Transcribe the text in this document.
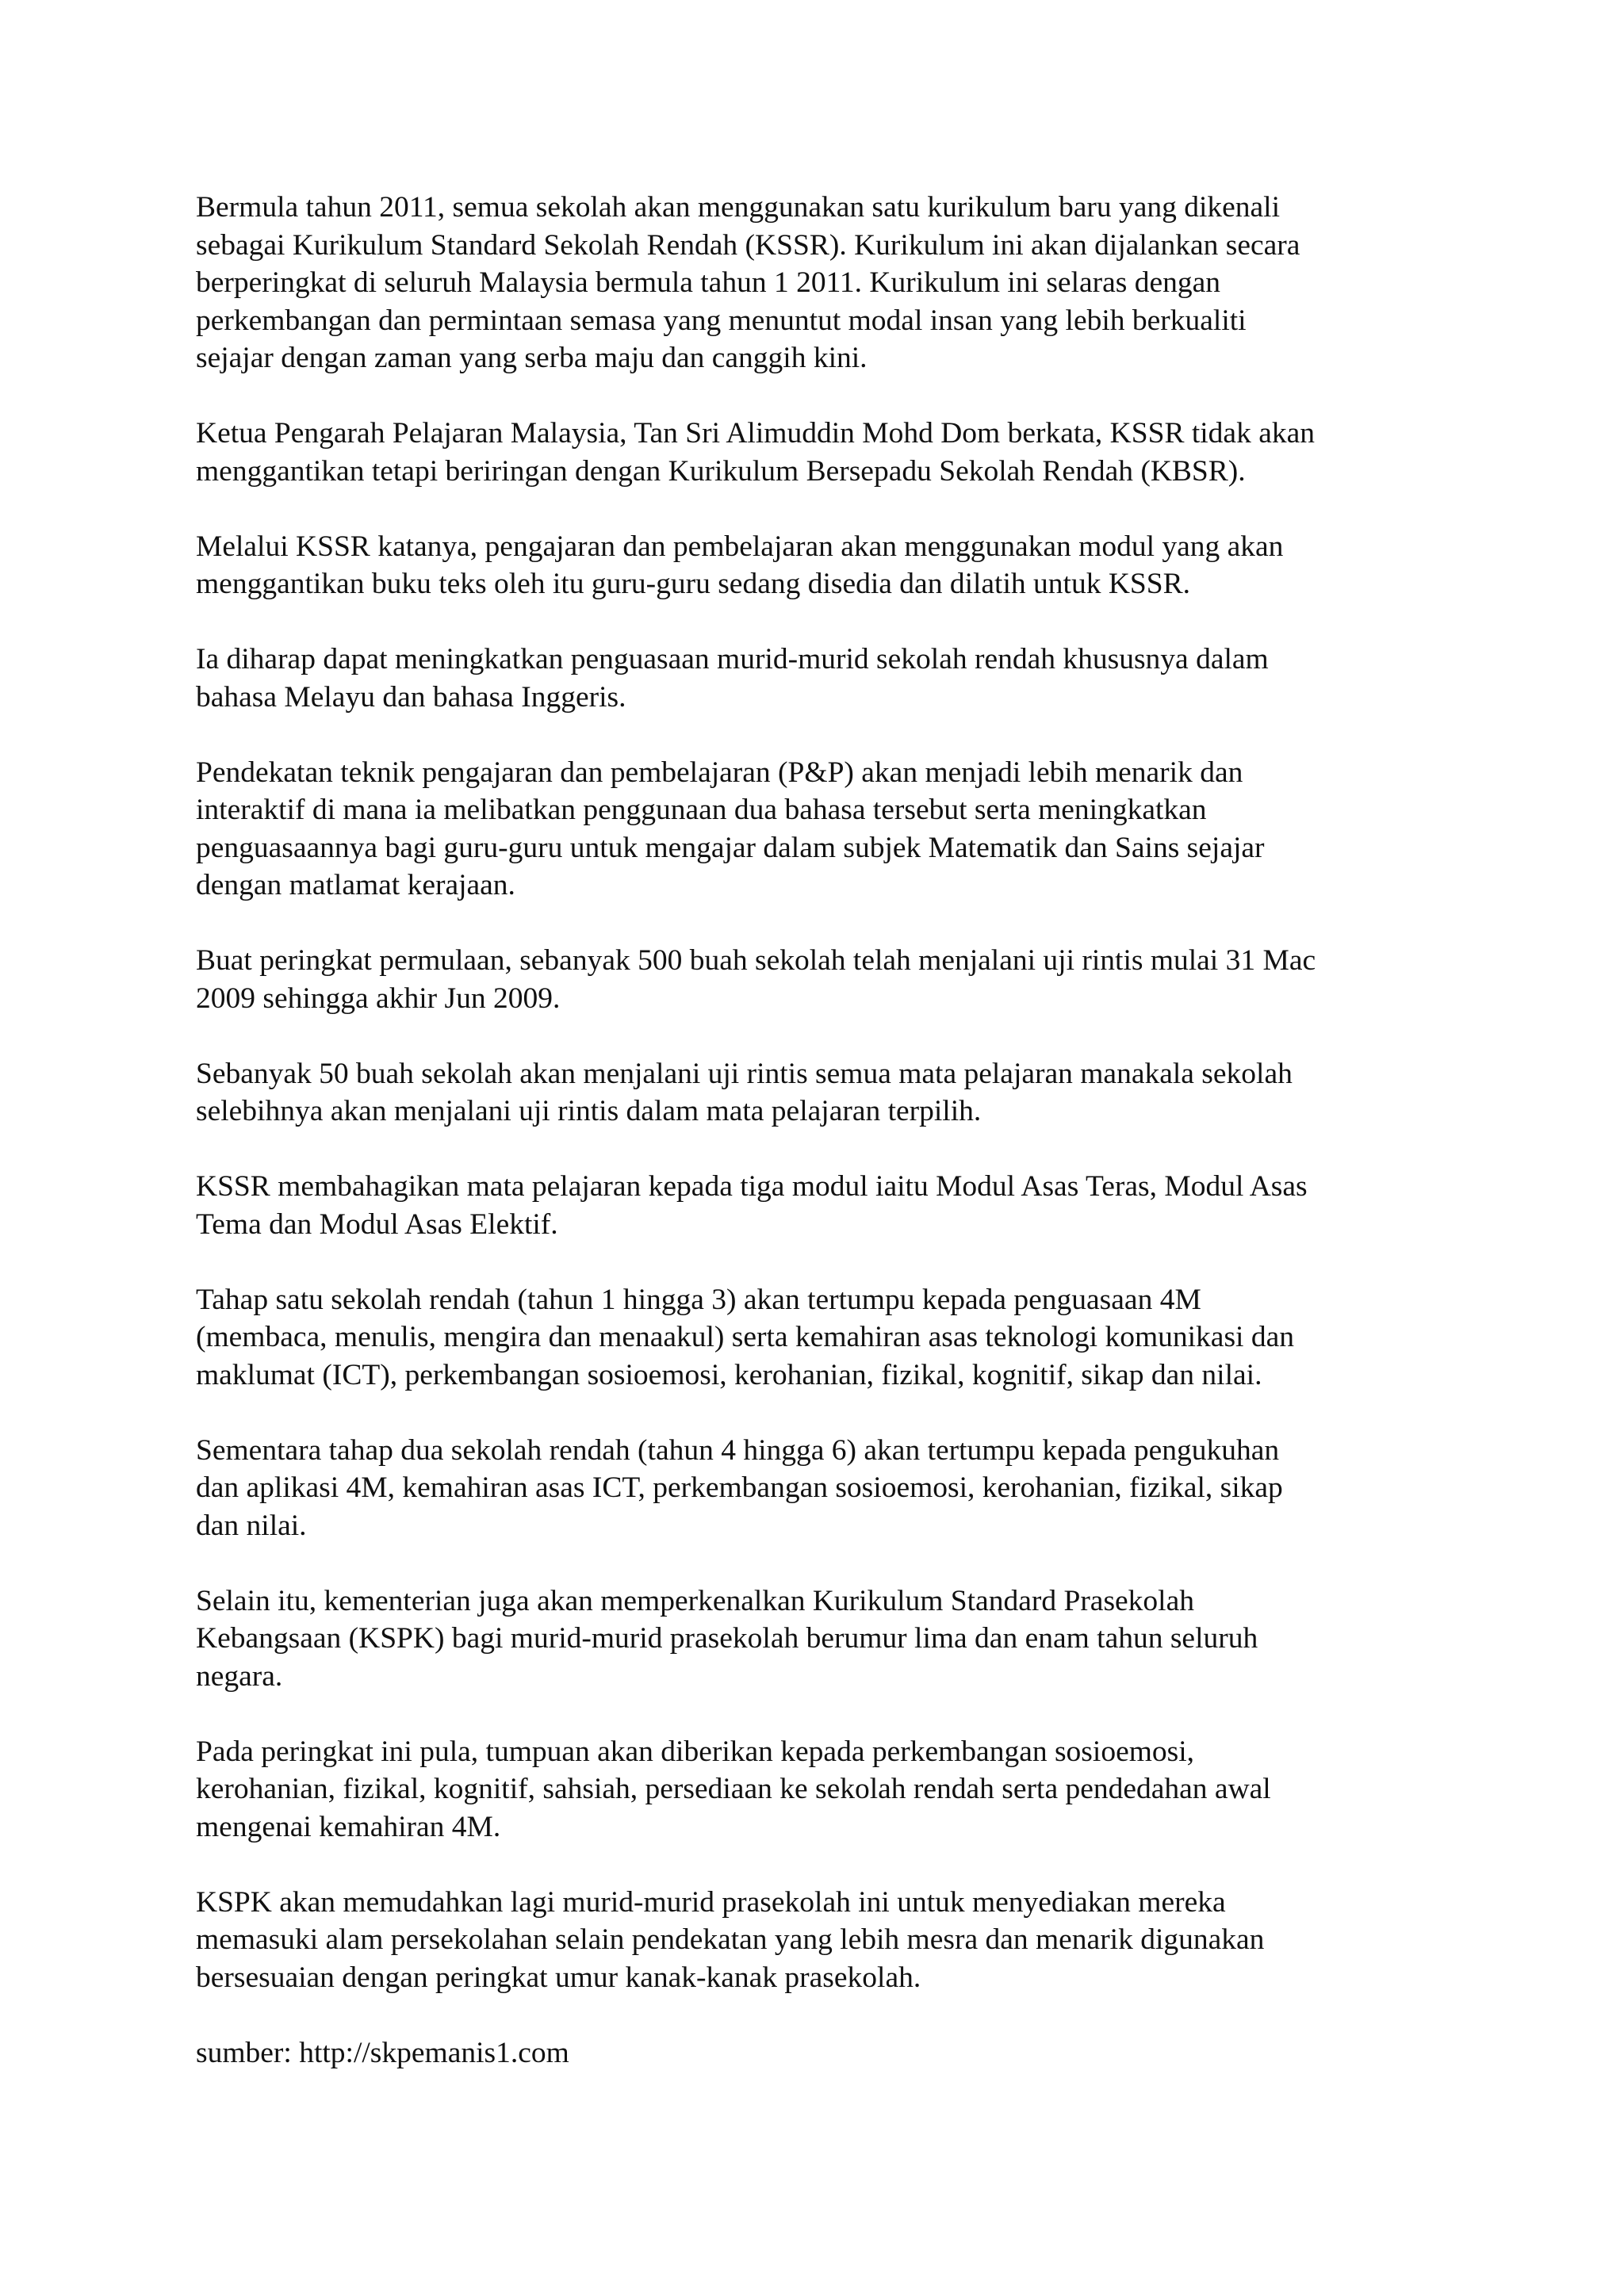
Bermula tahun 2011, semua sekolah akan menggunakan satu kurikulum baru yang dikenali
sebagai Kurikulum Standard Sekolah Rendah (KSSR). Kurikulum ini akan dijalankan secara
berperingkat di seluruh Malaysia bermula tahun 1 2011. Kurikulum ini selaras dengan
perkembangan dan permintaan semasa yang menuntut modal insan yang lebih berkualiti
sejajar dengan zaman yang serba maju dan canggih kini.

Ketua Pengarah Pelajaran Malaysia, Tan Sri Alimuddin Mohd Dom berkata, KSSR tidak akan
menggantikan tetapi beriringan dengan Kurikulum Bersepadu Sekolah Rendah (KBSR).

Melalui KSSR katanya, pengajaran dan pembelajaran akan menggunakan modul yang akan
menggantikan buku teks oleh itu guru-guru sedang disedia dan dilatih untuk KSSR.

Ia diharap dapat meningkatkan penguasaan murid-murid sekolah rendah khususnya dalam
bahasa Melayu dan bahasa Inggeris.

Pendekatan teknik pengajaran dan pembelajaran (P&P) akan menjadi lebih menarik dan
interaktif di mana ia melibatkan penggunaan dua bahasa tersebut serta meningkatkan
penguasaannya bagi guru-guru untuk mengajar dalam subjek Matematik dan Sains sejajar
dengan matlamat kerajaan.

Buat peringkat permulaan, sebanyak 500 buah sekolah telah menjalani uji rintis mulai 31 Mac
2009 sehingga akhir Jun 2009.

Sebanyak 50 buah sekolah akan menjalani uji rintis semua mata pelajaran manakala sekolah
selebihnya akan menjalani uji rintis dalam mata pelajaran terpilih.

KSSR membahagikan mata pelajaran kepada tiga modul iaitu Modul Asas Teras, Modul Asas
Tema dan Modul Asas Elektif.

Tahap satu sekolah rendah (tahun 1 hingga 3) akan tertumpu kepada penguasaan 4M
(membaca, menulis, mengira dan menaakul) serta kemahiran asas teknologi komunikasi dan
maklumat (ICT), perkembangan sosioemosi, kerohanian, fizikal, kognitif, sikap dan nilai.

Sementara tahap dua sekolah rendah (tahun 4 hingga 6) akan tertumpu kepada pengukuhan
dan aplikasi 4M, kemahiran asas ICT, perkembangan sosioemosi, kerohanian, fizikal, sikap
dan nilai.

Selain itu, kementerian juga akan memperkenalkan Kurikulum Standard Prasekolah
Kebangsaan (KSPK) bagi murid-murid prasekolah berumur lima dan enam tahun seluruh
negara.

Pada peringkat ini pula, tumpuan akan diberikan kepada perkembangan sosioemosi,
kerohanian, fizikal, kognitif, sahsiah, persediaan ke sekolah rendah serta pendedahan awal
mengenai kemahiran 4M.

KSPK akan memudahkan lagi murid-murid prasekolah ini untuk menyediakan mereka
memasuki alam persekolahan selain pendekatan yang lebih mesra dan menarik digunakan
bersesuaian dengan peringkat umur kanak-kanak prasekolah.

sumber: http://skpemanis1.com
